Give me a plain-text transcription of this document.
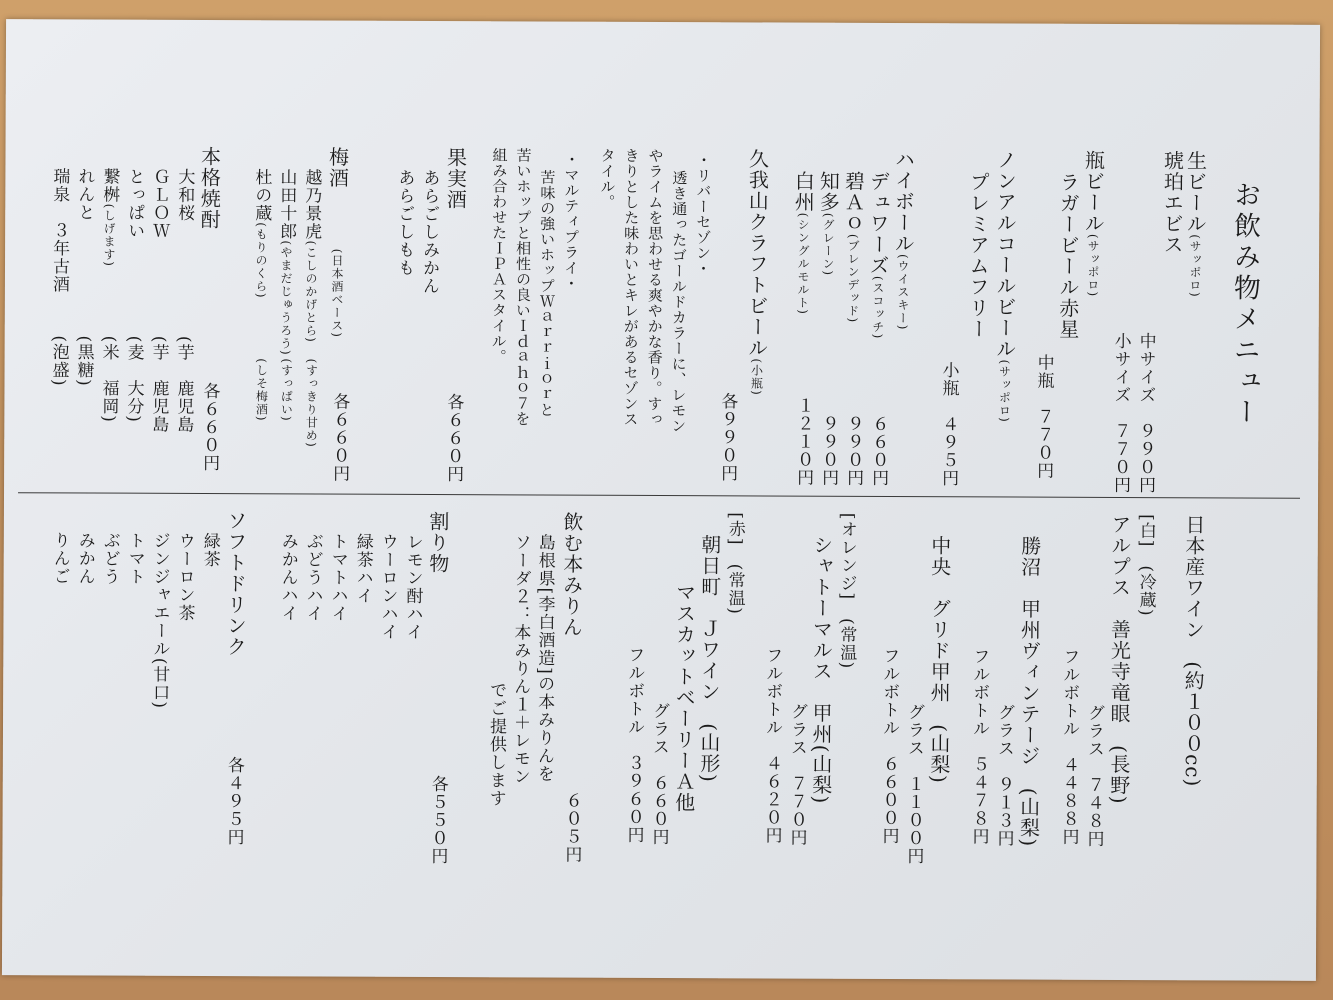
お飲み物メニュー
生ビール(サッポロ)
琥珀エビス
中サイズ　９９０円
小サイズ　７７０円
瓶ビール(サッポロ)
ラガービール赤星
中瓶　７７０円
ノンアルコールビール(サッポロ)
プレミアムフリー
小瓶　４９５円
ハイボール(ウイスキー)
デュワーズ(スコッチ)
６６０円
碧Ａｏ(ブレンデッド)
９９０円
知多(グレーン)
９９０円
白州(シングルモルト)
１２１０円
久我山クラフトビール(小瓶)
各９９０円
・リバーセゾン・
透き通ったゴールドカラーに、レモン
やライムを思わせる爽やかな香り。すっ
きりとした味わいとキレがあるセゾンス
タイル。
・マルティプライ・
苦味の強いホップＷａｒｒｉｏｒと
苦いホップと相性の良いＩｄａｈｏ７を
組み合わせたＩＰＡスタイル。
果実酒
あらごしみかん
あらごしもも
各６６０円
梅酒
越乃景虎(こしのかげとら)
山田十郎(やまだじゅうろう)
杜の蔵(もりのくら)	(日本酒ベース)
(すっきり甘め)
(すっぱい)
(しそ梅酒)
各６６０円
本格焼酎
大和桜
ＧＬＯＷ
とっぱい
繋桝(しげます)
れんと
瑞泉　３年古酒
(芋　鹿児島
(芋　鹿児島
(麦　大分)
(米　福岡)
(黒糖)
(泡盛)
各６６０円
日本産ワイン　(約１００cc)
[白]　(冷蔵)
アルプス　善光寺竜眼　(長野)
グラス　７４８円
フルボトル　４４８８円
勝沼　甲州ヴィンテージ　(山梨)
グラス　９１３円
フルボトル　５４７８円
中央　グリド甲州　(山梨)
グラス　１１００円
フルボトル　６６００円
[オレンジ]　(常温)
シャトーマルス　甲州(山梨)
グラス　７７０円
フルボトル　４６２０円
[赤]　(常温)
朝日町　Ｊワイン　(山形)
マスカットベーリーＡ他
グラス　６６０円
フルボトル　３９６０円
飲む本みりん
島根県[李白酒造]の本みりんを
ソーダ２：本みりん１＋レモン
でご提供します
６０５円
割り物
レモン酎ハイ
ウーロンハイ
緑茶ハイ
トマトハイ
ぶどうハイ
みかんハイ
各５５０円
ソフトドリンク
緑茶
ウーロン茶
ジンジャエール(甘口)
トマト
ぶどう
みかん
りんご
各４９５円
